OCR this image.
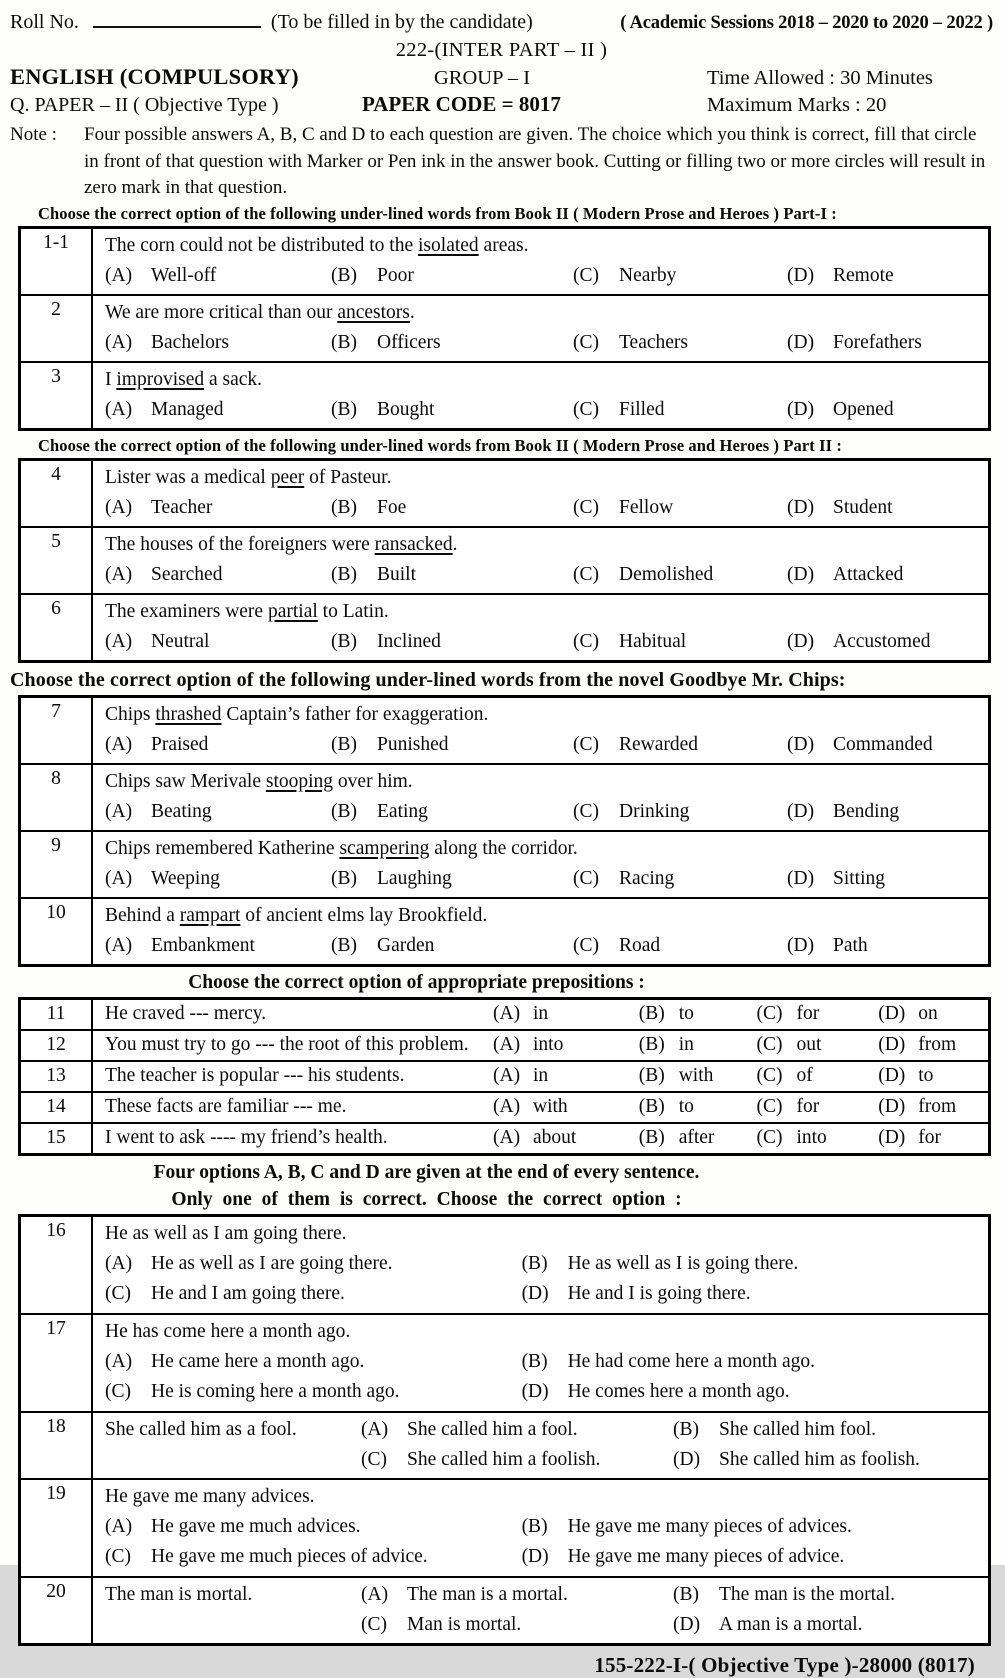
Roll No.	(To be filled in by the candidate)	( Academic Sessions 2018 – 2020 to 2020 – 2022 )
222-(INTER PART – II )
ENGLISH (COMPULSORY)	GROUP – I	Time Allowed : 30 Minutes
Q. PAPER – II ( Objective Type )	PAPER CODE = 8017	Maximum Marks : 20
Note :	Four possible answers A, B, C and D to each question are given. The choice which you think is correct, fill that circle in front of that question with Marker or Pen ink in the answer book. Cutting or filling two or more circles will result in zero mark in that question.
Choose the correct option of the following under-lined words from Book II ( Modern Prose and Heroes ) Part-I :
1-1	The corn could not be distributed to the isolated areas.
(A) Well-off	(B) Poor	(C) Nearby	(D) Remote
2	We are more critical than our ancestors.
(A) Bachelors	(B) Officers	(C) Teachers	(D) Forefathers
3	I improvised a sack.
(A) Managed	(B) Bought	(C) Filled	(D) Opened
Choose the correct option of the following under-lined words from Book II ( Modern Prose and Heroes ) Part II :
4	Lister was a medical peer of Pasteur.
(A) Teacher	(B) Foe	(C) Fellow	(D) Student
5	The houses of the foreigners were ransacked.
(A) Searched	(B) Built	(C) Demolished	(D) Attacked
6	The examiners were partial to Latin.
(A) Neutral	(B) Inclined	(C) Habitual	(D) Accustomed
Choose the correct option of the following under-lined words from the novel Goodbye Mr. Chips:
7	Chips thrashed Captain’s father for exaggeration.
(A) Praised	(B) Punished	(C) Rewarded	(D) Commanded
8	Chips saw Merivale stooping over him.
(A) Beating	(B) Eating	(C) Drinking	(D) Bending
9	Chips remembered Katherine scampering along the corridor.
(A) Weeping	(B) Laughing	(C) Racing	(D) Sitting
10	Behind a rampart of ancient elms lay Brookfield.
(A) Embankment	(B) Garden	(C) Road	(D) Path
Choose the correct option of appropriate prepositions :
11	He craved --- mercy.	(A) in	(B) to	(C) for	(D) on
12	You must try to go --- the root of this problem.	(A) into	(B) in	(C) out	(D) from
13	The teacher is popular --- his students.	(A) in	(B) with	(C) of	(D) to
14	These facts are familiar --- me.	(A) with	(B) to	(C) for	(D) from
15	I went to ask ---- my friend’s health.	(A) about	(B) after	(C) into	(D) for
Four options A, B, C and D are given at the end of every sentence.
Only one of them is correct. Choose the correct option :
16	He as well as I am going there.
(A) He as well as I are going there.	(B) He as well as I is going there.
(C) He and I am going there.	(D) He and I is going there.
17	He has come here a month ago.
(A) He came here a month ago.	(B) He had come here a month ago.
(C) He is coming here a month ago.	(D) He comes here a month ago.
18	She called him as a fool.	(A) She called him a fool.	(B) She called him fool.
(C) She called him a foolish.	(D) She called him as foolish.
19	He gave me many advices.
(A) He gave me much advices.	(B) He gave me many pieces of advices.
(C) He gave me much pieces of advice.	(D) He gave me many pieces of advice.
20	The man is mortal.	(A) The man is a mortal.	(B) The man is the mortal.
(C) Man is mortal.	(D) A man is a mortal.
155-222-I-( Objective Type )-28000 (8017)
